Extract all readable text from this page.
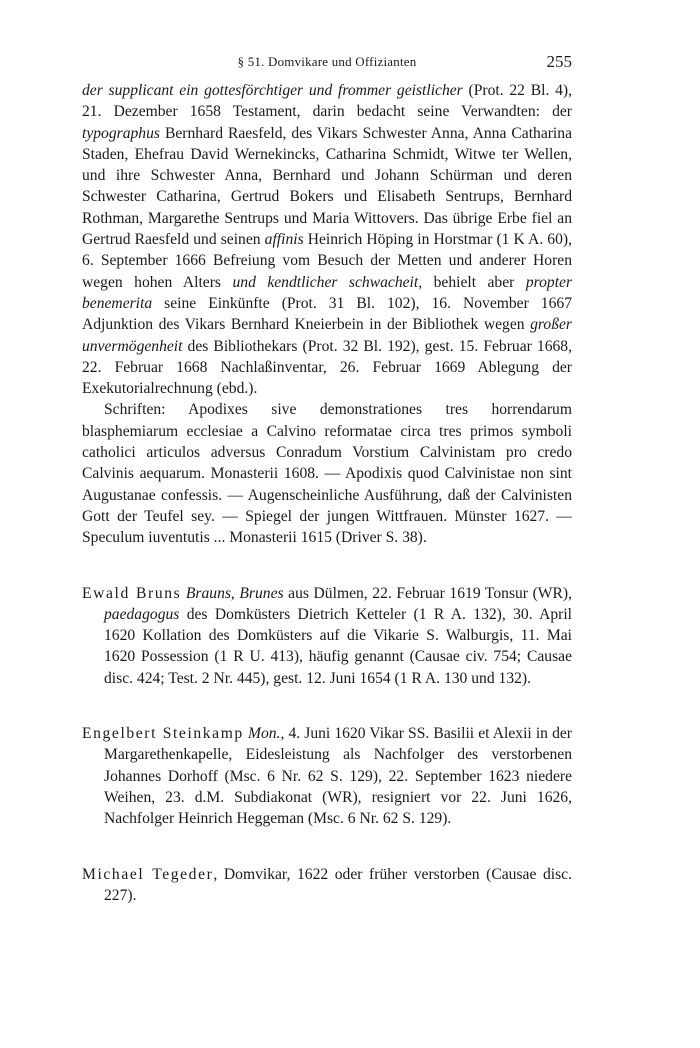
§ 51. Domvikare und Offizianten	255

der supplicant ein gottesförchtiger und frommer geistlicher (Prot. 22 Bl. 4), 21. Dezember 1658 Testament, darin bedacht seine Verwandten: der typographus Bernhard Raesfeld, des Vikars Schwester Anna, Anna Catharina Staden, Ehefrau David Wernekincks, Catharina Schmidt, Witwe ter Wellen, und ihre Schwester Anna, Bernhard und Johann Schürman und deren Schwester Catharina, Gertrud Bokers und Elisabeth Sentrups, Bernhard Rothman, Margarethe Sentrups und Maria Wittovers. Das übrige Erbe fiel an Gertrud Raesfeld und seinen affinis Heinrich Höping in Horstmar (1 K A. 60), 6. September 1666 Befreiung vom Besuch der Metten und anderer Horen wegen hohen Alters und kendtlicher schwacheit, behielt aber propter benemerita seine Einkünfte (Prot. 31 Bl. 102), 16. November 1667 Adjunktion des Vikars Bernhard Kneierbein in der Bibliothek wegen großer unvermögenheit des Bibliothekars (Prot. 32 Bl. 192), gest. 15. Februar 1668, 22. Februar 1668 Nachlaßinventar, 26. Februar 1669 Ablegung der Exekutorialrechnung (ebd.).

Schriften: Apodixes sive demonstrationes tres horrendarum blasphemiarum ecclesiae a Calvino reformatae circa tres primos symboli catholici articulos adversus Conradum Vorstium Calvinistam pro credo Calvinis aequarum. Monasterii 1608. — Apodixis quod Calvinistae non sint Augustanae confessis. — Augenscheinliche Ausführung, daß der Calvinisten Gott der Teufel sey. — Spiegel der jungen Wittfrauen. Münster 1627. — Speculum iuventutis ... Monasterii 1615 (Driver S. 38).

Ewald Bruns Brauns, Brunes aus Dülmen, 22. Februar 1619 Tonsur (WR), paedagogus des Domküsters Dietrich Ketteler (1 R A. 132), 30. April 1620 Kollation des Domküsters auf die Vikarie S. Walburgis, 11. Mai 1620 Possession (1 R U. 413), häufig genannt (Causae civ. 754; Causae disc. 424; Test. 2 Nr. 445), gest. 12. Juni 1654 (1 R A. 130 und 132).

Engelbert Steinkamp Mon., 4. Juni 1620 Vikar SS. Basilii et Alexii in der Margarethenkapelle, Eidesleistung als Nachfolger des verstorbenen Johannes Dorhoff (Msc. 6 Nr. 62 S. 129), 22. September 1623 niedere Weihen, 23. d.M. Subdiakonat (WR), resigniert vor 22. Juni 1626, Nachfolger Heinrich Heggeman (Msc. 6 Nr. 62 S. 129).

Michael Tegeder, Domvikar, 1622 oder früher verstorben (Causae disc. 227).
